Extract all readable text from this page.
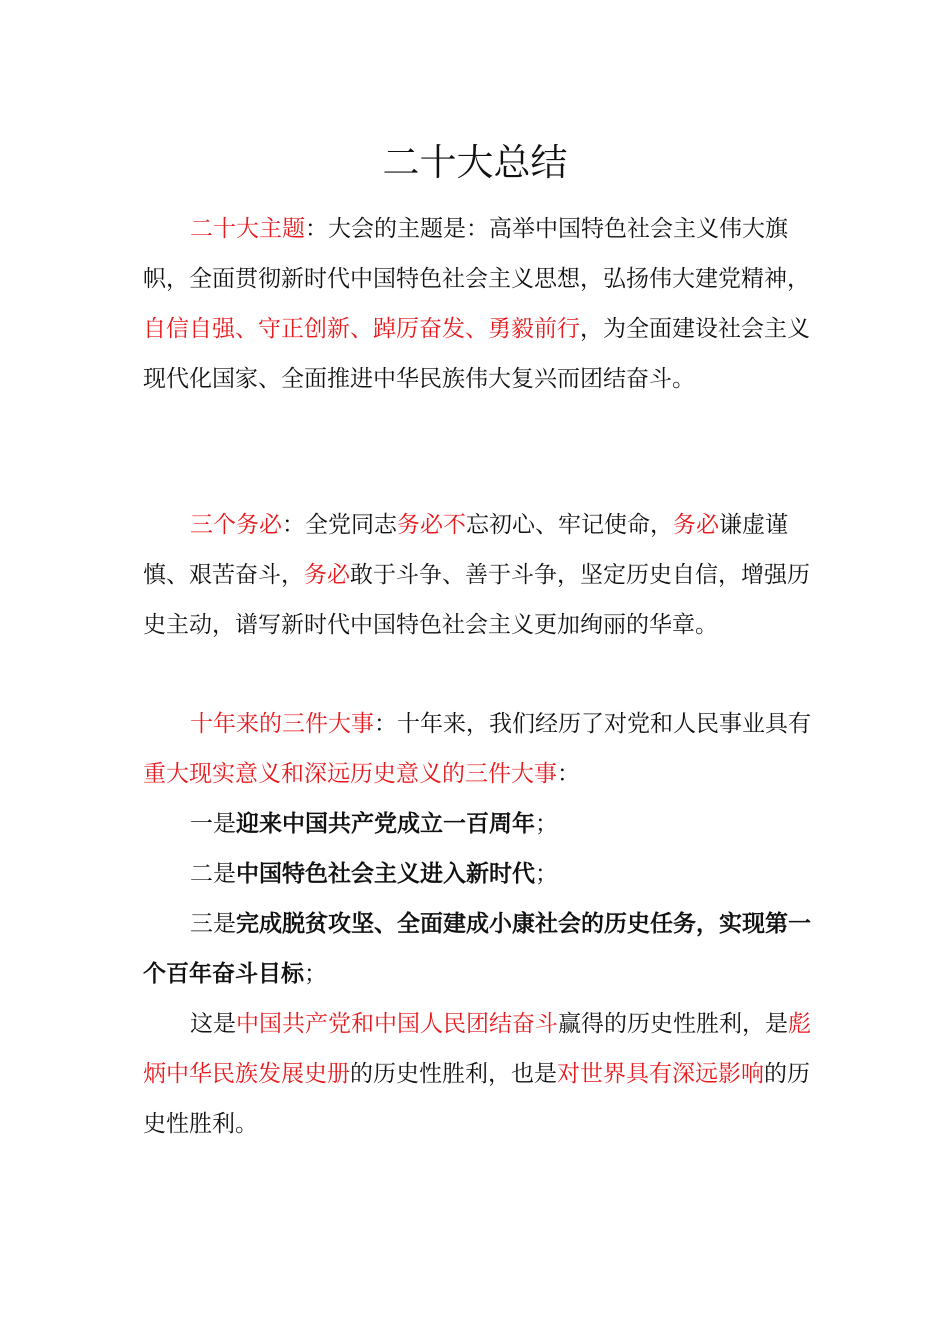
二十大总结

二十大主题：大会的主题是：高举中国特色社会主义伟大旗帜，全面贯彻新时代中国特色社会主义思想，弘扬伟大建党精神，自信自强、守正创新、踔厉奋发、勇毅前行，为全面建设社会主义现代化国家、全面推进中华民族伟大复兴而团结奋斗。

三个务必：全党同志务必不忘初心、牢记使命，务必谦虚谨慎、艰苦奋斗，务必敢于斗争、善于斗争，坚定历史自信，增强历史主动，谱写新时代中国特色社会主义更加绚丽的华章。

十年来的三件大事：十年来，我们经历了对党和人民事业具有重大现实意义和深远历史意义的三件大事：

一是迎来中国共产党成立一百周年；

二是中国特色社会主义进入新时代；

三是完成脱贫攻坚、全面建成小康社会的历史任务，实现第一个百年奋斗目标；

这是中国共产党和中国人民团结奋斗赢得的历史性胜利，是彪炳中华民族发展史册的历史性胜利，也是对世界具有深远影响的历史性胜利。
